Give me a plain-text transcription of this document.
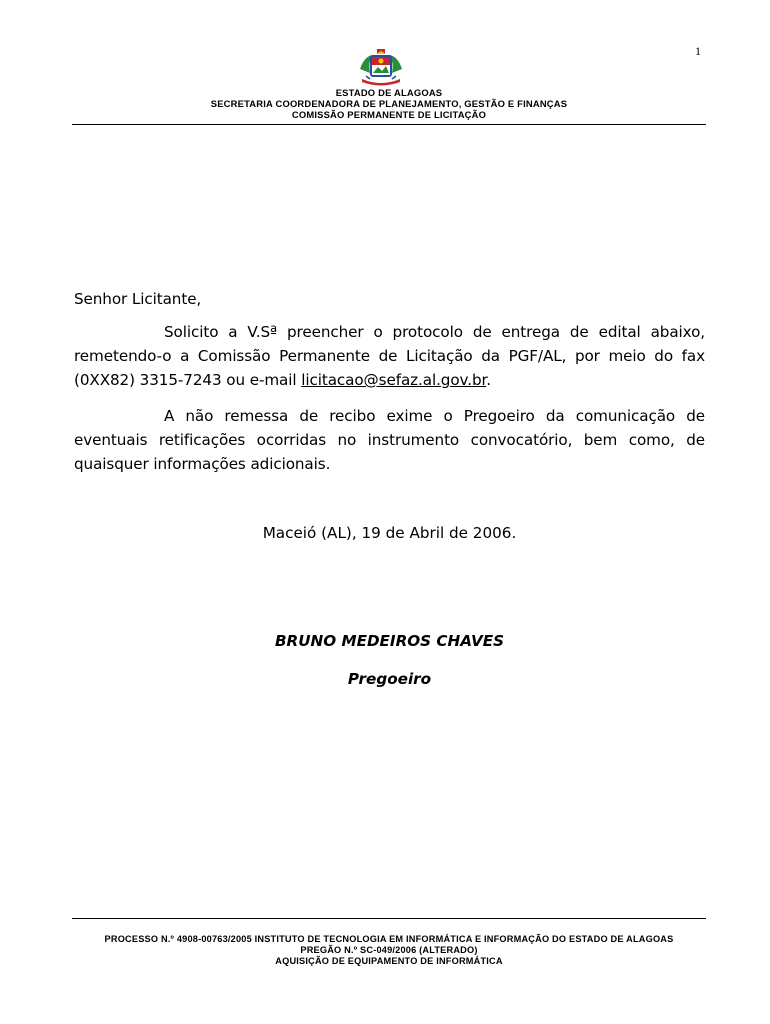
1
ESTADO DE ALAGOAS
SECRETARIA COORDENADORA DE PLANEJAMENTO, GESTÃO E FINANÇAS
COMISSÃO PERMANENTE DE LICITAÇÃO
Senhor Licitante,
Solicito a V.Sª preencher o protocolo de entrega de edital abaixo, remetendo-o a Comissão Permanente de Licitação da PGF/AL, por meio do fax (0XX82) 3315-7243 ou e-mail licitacao@sefaz.al.gov.br.
A não remessa de recibo exime o Pregoeiro da comunicação de eventuais retificações ocorridas no instrumento convocatório, bem como, de quaisquer informações adicionais.
Maceió (AL), 19 de Abril de 2006.
BRUNO MEDEIROS CHAVES
Pregoeiro
PROCESSO N.º 4908-00763/2005 INSTITUTO DE TECNOLOGIA EM INFORMÁTICA E INFORMAÇÃO DO ESTADO DE ALAGOAS
PREGÃO N.º SC-049/2006 (ALTERADO)
AQUISIÇÃO DE EQUIPAMENTO DE INFORMÁTICA
